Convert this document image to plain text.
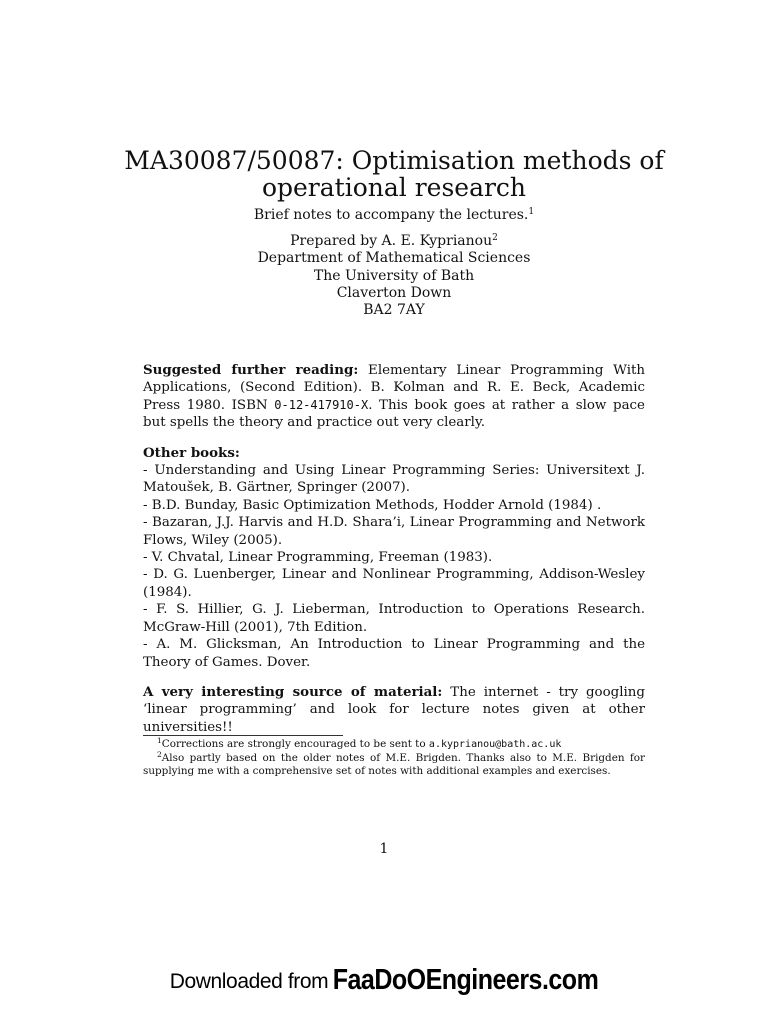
MA30087/50087: Optimisation methods of operational research
Brief notes to accompany the lectures.$^1$
Prepared by A. E. Kyprianou$^2$
Department of Mathematical Sciences
The University of Bath
Claverton Down
BA2 7AY

Suggested further reading: Elementary Linear Programming With Applications, (Second Edition). B. Kolman and R. E. Beck, Academic Press 1980. ISBN 0-12-417910-X. This book goes at rather a slow pace but spells the theory and practice out very clearly.

Other books:
- Understanding and Using Linear Programming Series: Universitext J. Matoušek, B. Gärtner, Springer (2007).
- B.D. Bunday, Basic Optimization Methods, Hodder Arnold (1984) .
- Bazaran, J.J. Harvis and H.D. Shara’i, Linear Programming and Network Flows, Wiley (2005).
- V. Chvatal, Linear Programming, Freeman (1983).
- D. G. Luenberger, Linear and Nonlinear Programming, Addison-Wesley (1984).
- F. S. Hillier, G. J. Lieberman, Introduction to Operations Research. McGraw-Hill (2001), 7th Edition.
- A. M. Glicksman, An Introduction to Linear Programming and the Theory of Games. Dover.

A very interesting source of material: The internet - try googling ‘linear programming’ and look for lecture notes given at other universities!!

$^1$Corrections are strongly encouraged to be sent to a.kyprianou@bath.ac.uk
$^2$Also partly based on the older notes of M.E. Brigden. Thanks also to M.E. Brigden for supplying me with a comprehensive set of notes with additional examples and exercises.
1
Downloaded from FaaDoOEngineers.com
